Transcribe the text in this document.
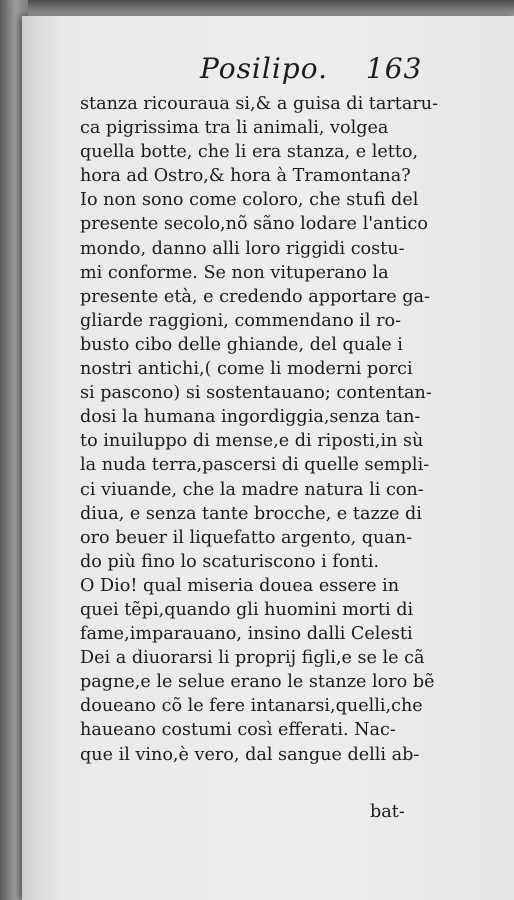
Posilipo. 163
stanza ricouraua si,& a guisa di tartaru-
ca pigrissima tra li animali, volgea
quella botte, che li era stanza, e letto,
hora ad Ostro,& hora à Tramontana?
Io non sono come coloro, che stufi del
presente secolo,nõ sãno lodare l'antico
mondo, danno alli loro riggidi costu-
mi conforme. Se non vituperano la
presente età, e credendo apportare ga-
gliarde raggioni, commendano il ro-
busto cibo delle ghiande, del quale i
nostri antichi,( come li moderni porci
si pascono) si sostentauano; contentan-
dosi la humana ingordiggia,senza tan-
to inuiluppo di mense,e di riposti,in sù
la nuda terra,pascersi di quelle sempli-
ci viuande, che la madre natura li con-
diua, e senza tante brocche, e tazze di
oro beuer il liquefatto argento, quan-
do più fino lo scaturiscono i fonti.
O Dio! qual miseria douea essere in
quei tẽpi,quando gli huomini morti di
fame,imparauano, insino dalli Celesti
Dei a diuorarsi li proprij figli,e se le cã
pagne,e le selue erano le stanze loro bẽ
doueano cõ le fere intanarsi,quelli,che
haueano costumi così efferati. Nac-
que il vino,è vero, dal sangue delli ab-
bat-
